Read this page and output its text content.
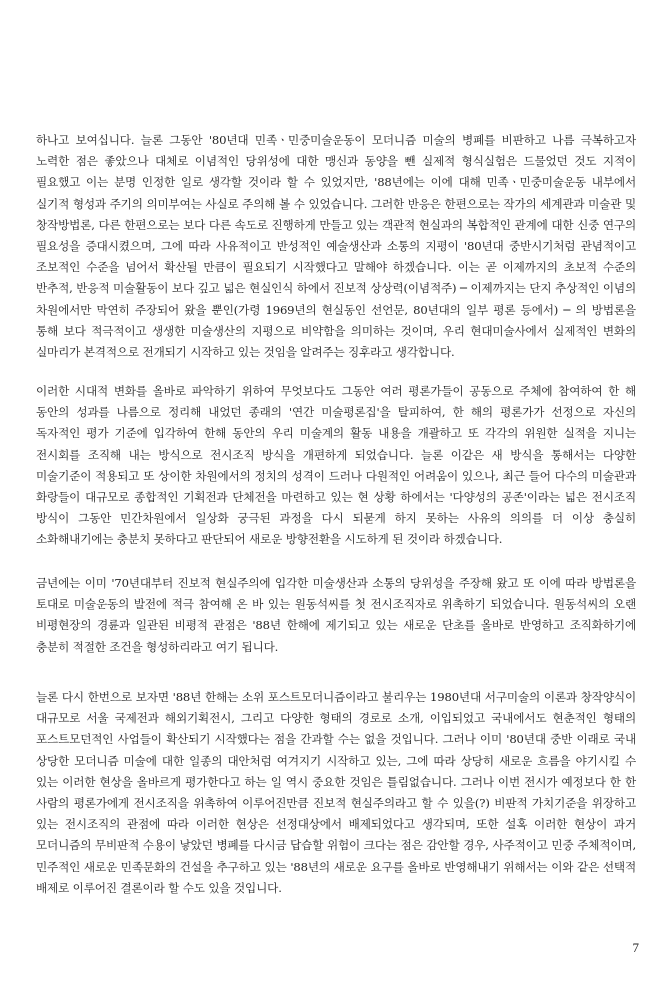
하나고 보여십니다. 늘론 그동안 '80년대 민족ㆍ민중미술운동이 모더니즘 미술의 병폐를 비판하고 나름 극복하고자 노력한 점은 좋았으나 대체로 이념적인 당위성에 대한 맹신과 동양을 뺀 실제적 형식실험은 드물었던 것도 지적이 필요했고 이는 분명 인정한 일로 생각할 것이라 할 수 있었지만, '88년에는 이에 대해 민족ㆍ민중미술운동 내부에서 실기적 형성과 주기의 의미부여는 사실로 주의해 볼 수 있었습니다. 그러한 반응은 한편으로는 작가의 세계관과 미술관 및 창작방법론, 다른 한편으로는 보다 다른 속도로 진행하게 만들고 있는 객관적 현실과의 복합적인 관계에 대한 신중 연구의 필요성을 증대시켰으며, 그에 따라 사유적이고 반성적인 예술생산과 소통의 지평이 '80년대 중반시기처럼 관념적이고 조보적인 수준을 넘어서 확산될 만큼이 필요되기 시작했다고 말해야 하겠습니다. 이는 곧 이제까지의 초보적 수준의 반추적, 반응적 미술활동이 보다 깊고 넓은 현실인식 하에서 진보적 상상력(이념적주) ─ 이제까지는 단지 추상적인 이념의 차원에서만 막연히 주장되어 왔을 뿐인(가령 1969년의 현실동인 선언문, 80년대의 일부 평론 등에서) ─ 의 방법론을 통해 보다 적극적이고 생생한 미술생산의 지평으로 비약함을 의미하는 것이며, 우리 현대미술사에서 실제적인 변화의 실마리가 본격적으로 전개되기 시작하고 있는 것임을 알려주는 징후라고 생각합니다.

이러한 시대적 변화를 올바로 파악하기 위하여 무엇보다도 그동안 여러 평론가들이 공동으로 주체에 참여하여 한 해 동안의 성과를 나름으로 정리해 내었던 종래의 '연간 미술평론집'을 탈피하여, 한 해의 평론가가 선정으로 자신의 독자적인 평가 기준에 입각하여 한해 동안의 우리 미술계의 활동 내용을 개괄하고 또 각각의 위원한 실적을 지니는 전시회를 조직해 내는 방식으로 전시조직 방식을 개편하게 되었습니다. 늘론 이같은 새 방식을 통해서는 다양한 미술기준이 적용되고 또 상이한 차원에서의 정치의 성격이 드러나 다원적인 어려움이 있으나, 최근 들어 다수의 미술관과 화랑들이 대규모로 종합적인 기획전과 단체전을 마련하고 있는 현 상황 하에서는 '다양성의 공존'이라는 넓은 전시조직 방식이 그동안 민간차원에서 일상화 궁극된 과정을 다시 되묻게 하지 못하는 사유의 의의를 더 이상 충실히 소화해내기에는 충분치 못하다고 판단되어 새로운 방향전환을 시도하게 된 것이라 하겠습니다.

금년에는 이미 '70년대부터 진보적 현실주의에 입각한 미술생산과 소통의 당위성을 주장해 왔고 또 이에 따라 방법론을 토대로 미술운동의 발전에 적극 참여해 온 바 있는 원동석씨를 첫 전시조직자로 위촉하기 되었습니다. 원동석씨의 오랜 비평현장의 경륜과 일관된 비평적 관점은 '88년 한해에 제기되고 있는 새로운 단초를 올바로 반영하고 조직화하기에 충분히 적절한 조건을 형성하리라고 여기 됩니다.

늘론 다시 한번으로 보자면 '88년 한해는 소위 포스트모더니즘이라고 불리우는 1980년대 서구미술의 이론과 창작양식이 대규모로 서울 국제전과 해외기획전시, 그리고 다양한 형태의 경로로 소개, 이입되었고 국내에서도 현춘적인 형태의 포스트모던적인 사업들이 확산되기 시작했다는 점을 간과할 수는 없을 것입니다. 그러나 이미 '80년대 중반 이래로 국내 상당한 모더니즘 미술에 대한 일종의 대안처럼 여겨지기 시작하고 있는, 그에 따라 상당히 새로운 흐름을 야기시킬 수 있는 이러한 현상을 올바르게 평가한다고 하는 일 역시 중요한 것임은 틀림없습니다. 그러나 이번 전시가 예정보다 한 한 사람의 평론가에게 전시조직을 위촉하여 이루어진만큼 진보적 현실주의라고 할 수 있을(?) 비판적 가치기준을 위장하고 있는 전시조직의 관점에 따라 이러한 현상은 선정대상에서 배제되었다고 생각되며, 또한 설혹 이러한 현상이 과거 모더니즘의 무비판적 수용이 낳았던 병폐를 다시금 답습할 위험이 크다는 점은 감안할 경우, 사주적이고 민중 주체적이며, 민주적인 새로운 민족문화의 건설을 추구하고 있는 '88년의 새로운 요구를 올바로 반영해내기 위해서는 이와 같은 선택적 배제로 이루어진 결론이라 할 수도 있을 것입니다.

7
